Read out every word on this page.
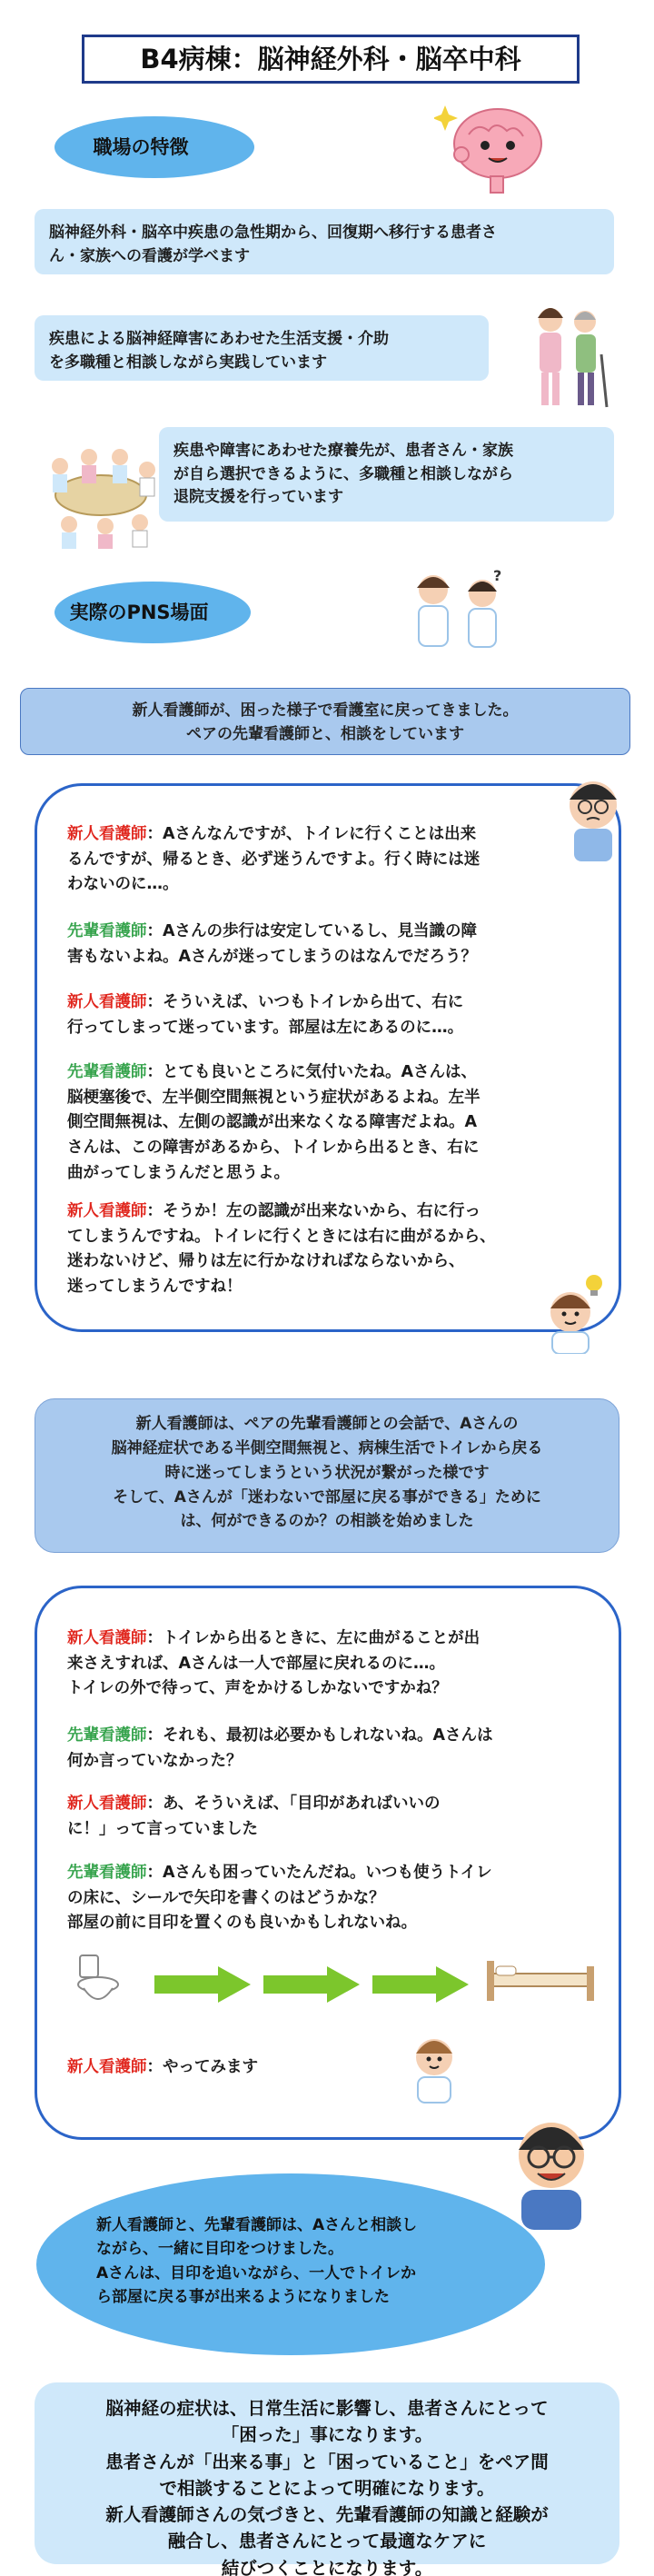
B4病棟：脳神経外科・脳卒中科
職場の特徴
脳神経外科・脳卒中疾患の急性期から、回復期へ移行する患者さ
ん・家族への看護が学べます
疾患による脳神経障害にあわせた生活支援・介助
を多職種と相談しながら実践しています
疾患や障害にあわせた療養先が、患者さん・家族
が自ら選択できるように、多職種と相談しながら
退院支援を行っています
実際のPNS場面
?
新人看護師が、困った様子で看護室に戻ってきました。
ペアの先輩看護師と、相談をしています
新人看護師：Aさんなんですが、トイレに行くことは出来
るんですが、帰るとき、必ず迷うんですよ。行く時には迷
わないのに…。
先輩看護師：Aさんの歩行は安定しているし、見当識の障
害もないよね。Aさんが迷ってしまうのはなんでだろう？
新人看護師：そういえば、いつもトイレから出て、右に
行ってしまって迷っています。部屋は左にあるのに…。
先輩看護師：とても良いところに気付いたね。Aさんは、
脳梗塞後で、左半側空間無視という症状があるよね。左半
側空間無視は、左側の認識が出来なくなる障害だよね。A
さんは、この障害があるから、トイレから出るとき、右に
曲がってしまうんだと思うよ。
新人看護師：そうか！左の認識が出来ないから、右に行っ
てしまうんですね。トイレに行くときには右に曲がるから、
迷わないけど、帰りは左に行かなければならないから、
迷ってしまうんですね！
新人看護師は、ペアの先輩看護師との会話で、Aさんの
脳神経症状である半側空間無視と、病棟生活でトイレから戻る
時に迷ってしまうという状況が繋がった様です
そして、Aさんが「迷わないで部屋に戻る事ができる」ために
は、何ができるのか？の相談を始めました
新人看護師：トイレから出るときに、左に曲がることが出
来さえすれば、Aさんは一人で部屋に戻れるのに…。
トイレの外で待って、声をかけるしかないですかね？
先輩看護師：それも、最初は必要かもしれないね。Aさんは
何か言っていなかった？
新人看護師：あ、そういえば、「目印があればいいの
に！」って言っていました
先輩看護師：Aさんも困っていたんだね。いつも使うトイレ
の床に、シールで矢印を書くのはどうかな？
部屋の前に目印を置くのも良いかもしれないね。
新人看護師：やってみます
新人看護師と、先輩看護師は、Aさんと相談し
ながら、一緒に目印をつけました。
Aさんは、目印を追いながら、一人でトイレか
ら部屋に戻る事が出来るようになりました
脳神経の症状は、日常生活に影響し、患者さんにとって
「困った」事になります。
患者さんが「出来る事」と「困っていること」をペア間
で相談することによって明確になります。
新人看護師さんの気づきと、先輩看護師の知識と経験が
融合し、患者さんにとって最適なケアに
結びつくことになります。
